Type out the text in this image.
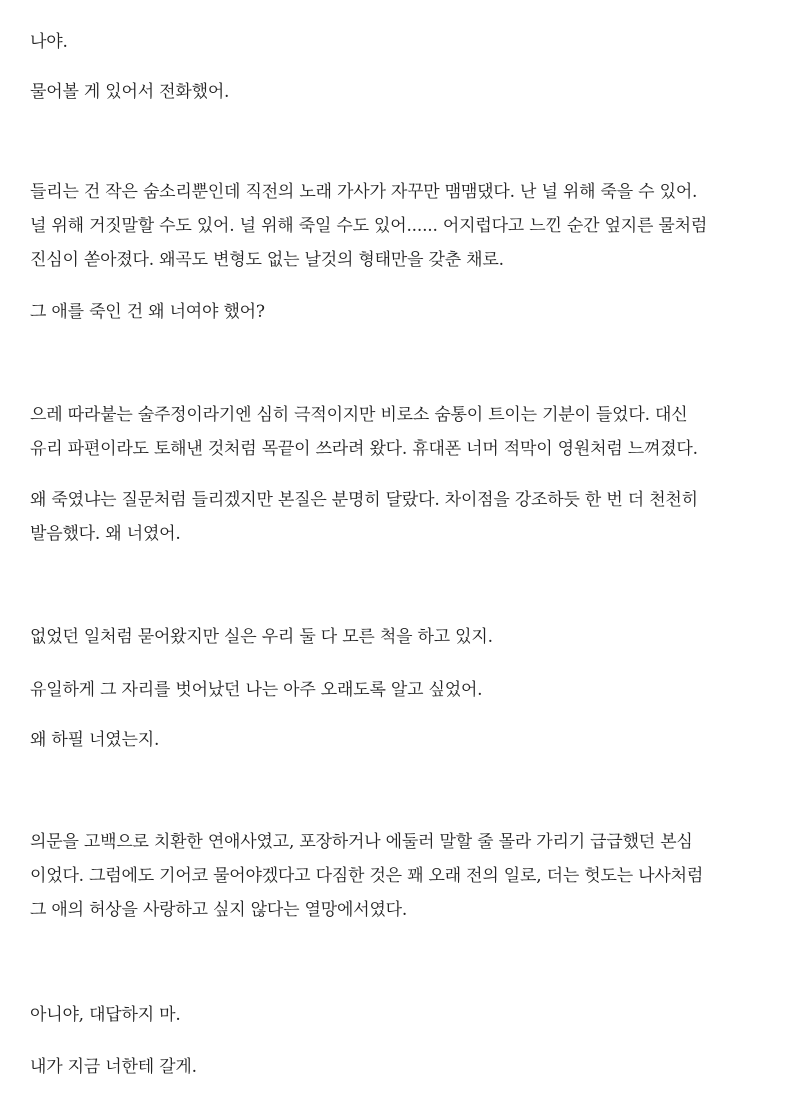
나야.

물어볼 게 있어서 전화했어.

들리는 건 작은 숨소리뿐인데 직전의 노래 가사가 자꾸만 맴맴댔다. 난 널 위해 죽을 수 있어.
널 위해 거짓말할 수도 있어. 널 위해 죽일 수도 있어...... 어지럽다고 느낀 순간 엎지른 물처럼
진심이 쏟아졌다. 왜곡도 변형도 없는 날것의 형태만을 갖춘 채로.

그 애를 죽인 건 왜 너여야 했어?

으레 따라붙는 술주정이라기엔 심히 극적이지만 비로소 숨통이 트이는 기분이 들었다. 대신
유리 파편이라도 토해낸 것처럼 목끝이 쓰라려 왔다. 휴대폰 너머 적막이 영원처럼 느껴졌다.

왜 죽였냐는 질문처럼 들리겠지만 본질은 분명히 달랐다. 차이점을 강조하듯 한 번 더 천천히
발음했다. 왜 너였어.

없었던 일처럼 묻어왔지만 실은 우리 둘 다 모른 척을 하고 있지.

유일하게 그 자리를 벗어났던 나는 아주 오래도록 알고 싶었어.

왜 하필 너였는지.

의문을 고백으로 치환한 연애사였고, 포장하거나 에둘러 말할 줄 몰라 가리기 급급했던 본심
이었다. 그럼에도 기어코 물어야겠다고 다짐한 것은 꽤 오래 전의 일로, 더는 헛도는 나사처럼
그 애의 허상을 사랑하고 싶지 않다는 열망에서였다.

아니야, 대답하지 마.

내가 지금 너한테 갈게.
